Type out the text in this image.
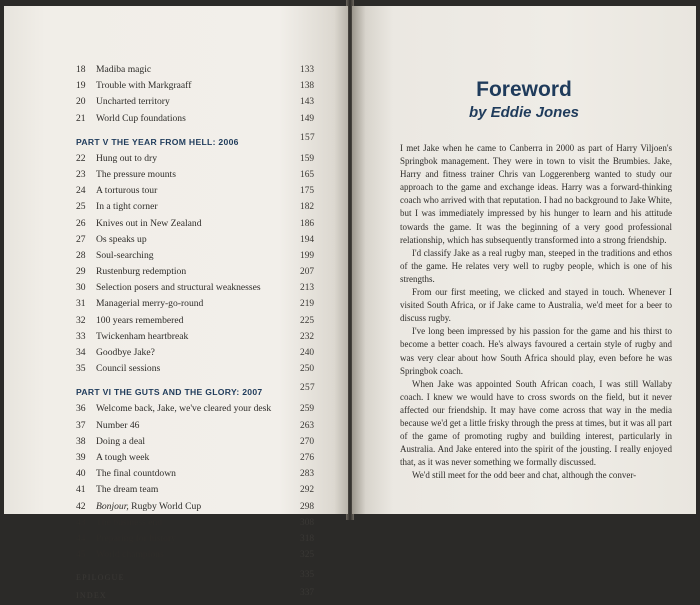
18	Madiba magic	133
19	Trouble with Markgraaff	138
20	Uncharted territory	143
21	World Cup foundations	149
PART V THE YEAR FROM HELL: 2006	157
22	Hung out to dry	159
23	The pressure mounts	165
24	A torturous tour	175
25	In a tight corner	182
26	Knives out in New Zealand	186
27	Os speaks up	194
28	Soul-searching	199
29	Rustenburg redemption	207
30	Selection posers and structural weaknesses	213
31	Managerial merry-go-round	219
32	100 years remembered	225
33	Twickenham heartbreak	232
34	Goodbye Jake?	240
35	Council sessions	250
PART VI THE GUTS AND THE GLORY: 2007	257
36	Welcome back, Jake, we've cleared your desk	259
37	Number 46	263
38	Doing a deal	270
39	A tough week	276
40	The final countdown	283
41	The dream team	292
42	Bonjour, Rugby World Cup	298
43	The business end	308
44	Preparing for history	318
45	World champions	325
EPILOGUE	335
INDEX	337
Foreword
by Eddie Jones

I met Jake when he came to Canberra in 2000 as part of Harry Viljoen's Springbok management. They were in town to visit the Brumbies. Jake, Harry and fitness trainer Chris van Loggerenberg wanted to study our approach to the game and exchange ideas. Harry was a forward-thinking coach who arrived with that reputation. I had no background to Jake White, but I was immediately impressed by his hunger to learn and his attitude towards the game. It was the beginning of a very good professional relationship, which has subsequently transformed into a strong friendship.

I'd classify Jake as a real rugby man, steeped in the traditions and ethos of the game. He relates very well to rugby people, which is one of his strengths.

From our first meeting, we clicked and stayed in touch. Whenever I visited South Africa, or if Jake came to Australia, we'd meet for a beer to discuss rugby.

I've long been impressed by his passion for the game and his thirst to become a better coach. He's always favoured a certain style of rugby and was very clear about how South Africa should play, even before he was Springbok coach.

When Jake was appointed South African coach, I was still Wallaby coach. I knew we would have to cross swords on the field, but it never affected our friendship. It may have come across that way in the media because we'd get a little frisky through the press at times, but it was all part of the game of promoting rugby and building interest, particularly in Australia. And Jake entered into the spirit of the jousting. I really enjoyed that, as it was never something we formally discussed.

We'd still meet for the odd beer and chat, although the conver-
